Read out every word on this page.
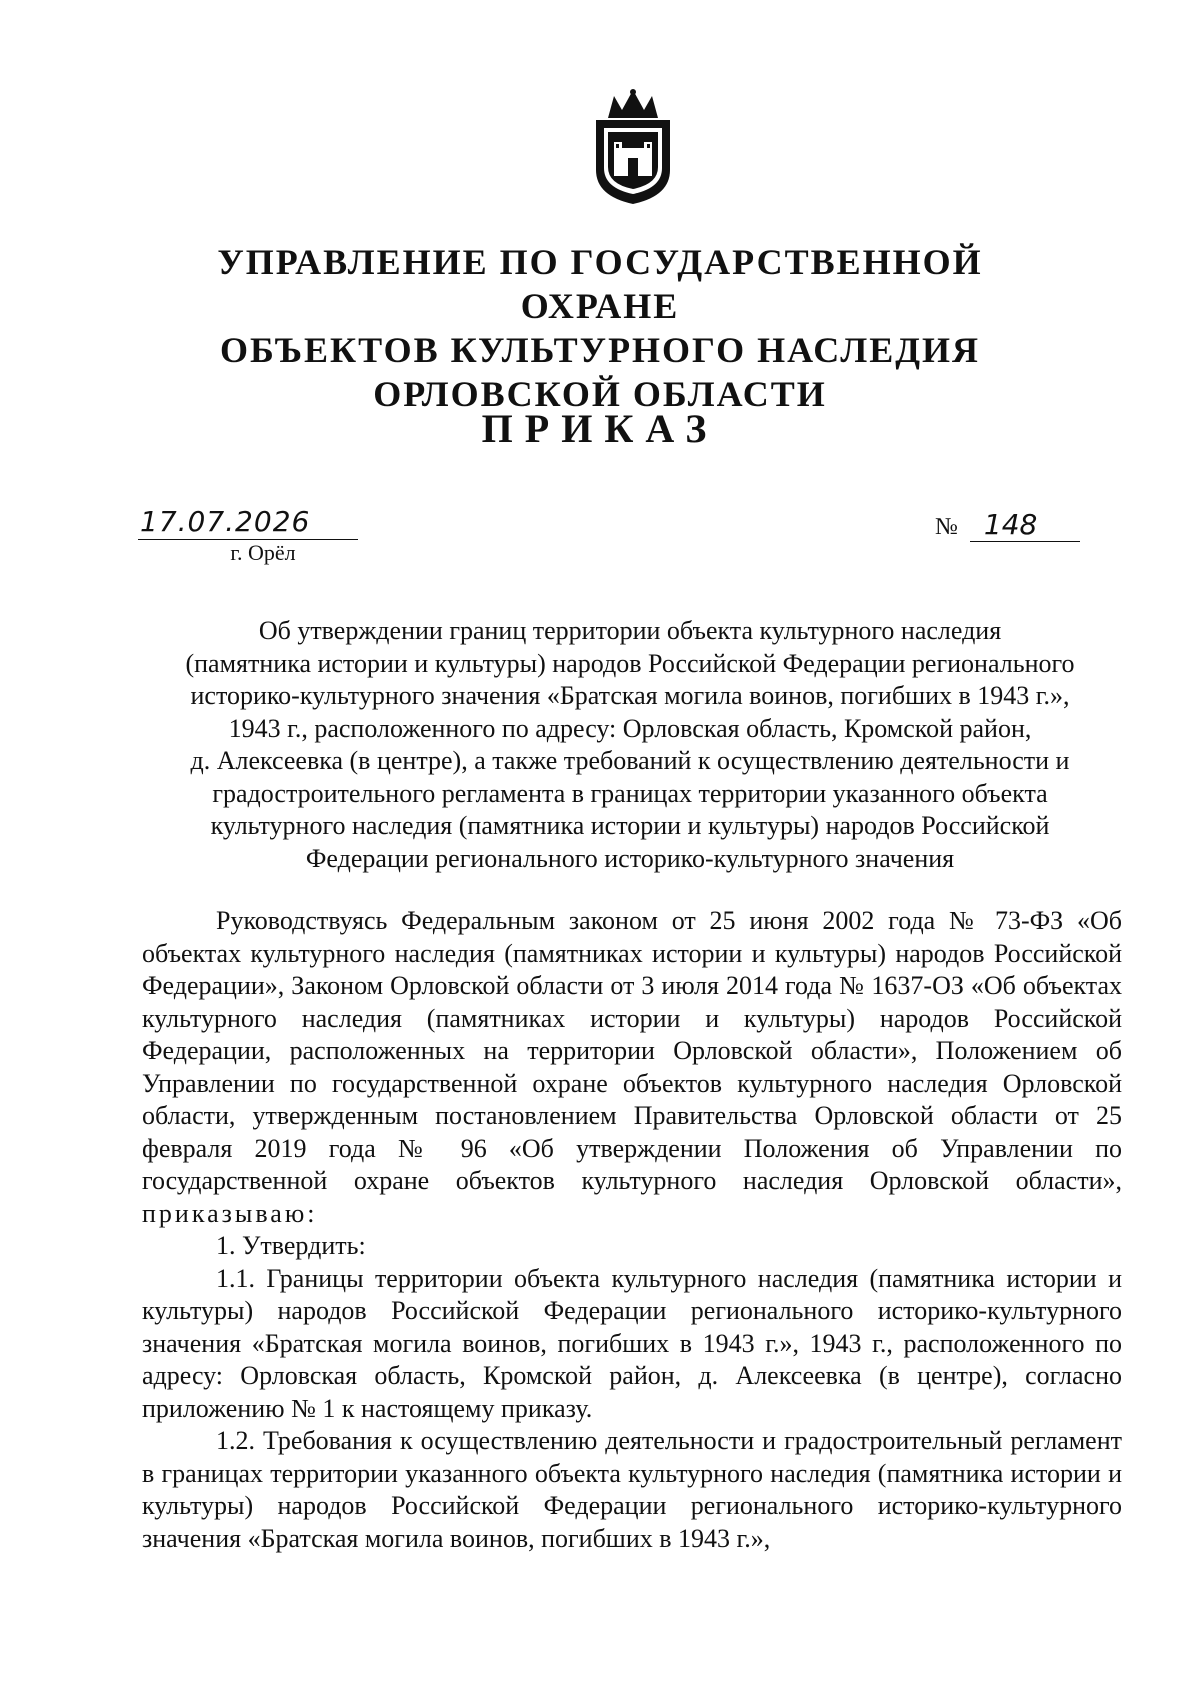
УПРАВЛЕНИЕ ПО ГОСУДАРСТВЕННОЙ ОХРАНЕ
ОБЪЕКТОВ КУЛЬТУРНОГО НАСЛЕДИЯ
ОРЛОВСКОЙ ОБЛАСТИ
ПРИКАЗ
17.07.2026
г. Орёл
№ 148
Об утверждении границ территории объекта культурного наследия
(памятника истории и культуры) народов Российской Федерации регионального
историко-культурного значения «Братская могила воинов, погибших в 1943 г.»,
1943 г., расположенного по адресу: Орловская область, Кромской район,
д. Алексеевка (в центре), а также требований к осуществлению деятельности и
градостроительного регламента в границах территории указанного объекта
культурного наследия (памятника истории и культуры) народов Российской
Федерации регионального историко-культурного значения

Руководствуясь Федеральным законом от 25 июня 2002 года № 73-ФЗ «Об объектах культурного наследия (памятниках истории и культуры) народов Российской Федерации», Законом Орловской области от 3 июля 2014 года № 1637-ОЗ «Об объектах культурного наследия (памятниках истории и культуры) народов Российской Федерации, расположенных на территории Орловской области», Положением об Управлении по государственной охране объектов культурного наследия Орловской области, утвержденным постановлением Правительства Орловской области от 25 февраля 2019 года № 96 «Об утверждении Положения об Управлении по государственной охране объектов культурного наследия Орловской области», приказываю:

1. Утвердить:

1.1. Границы территории объекта культурного наследия (памятника истории и культуры) народов Российской Федерации регионального историко-культурного значения «Братская могила воинов, погибших в 1943 г.», 1943 г., расположенного по адресу: Орловская область, Кромской район, д. Алексеевка (в центре), согласно приложению № 1 к настоящему приказу.

1.2. Требования к осуществлению деятельности и градостроительный регламент в границах территории указанного объекта культурного наследия (памятника истории и культуры) народов Российской Федерации регионального историко-культурного значения «Братская могила воинов, погибших в 1943 г.»,
